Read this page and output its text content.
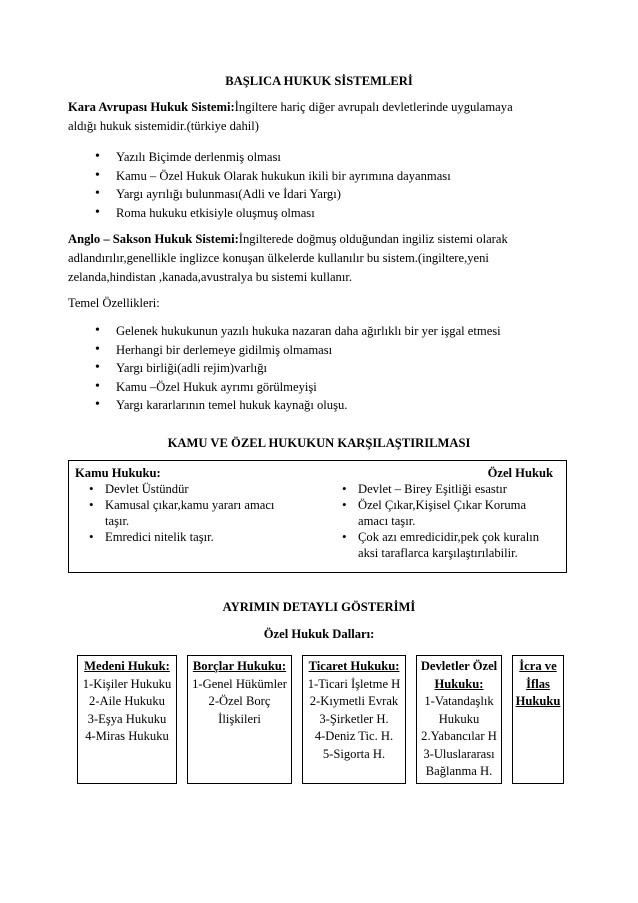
BAŞLICA HUKUK SİSTEMLERİ
Kara Avrupası Hukuk Sistemi:İngiltere hariç diğer avrupalı devletlerinde uygulamaya
aldığı hukuk sistemidir.(türkiye dahil)
• Yazılı Biçimde derlenmiş olması
• Kamu – Özel Hukuk Olarak hukukun ikili bir ayrımına dayanması
• Yargı ayrılığı bulunması(Adli ve İdari Yargı)
• Roma hukuku etkisiyle oluşmuş olması
Anglo – Sakson Hukuk Sistemi:İngilterede doğmuş olduğundan ingiliz sistemi olarak
adlandırılır,genellikle inglizce konuşan ülkelerde kullanılır bu sistem.(ingiltere,yeni
zelanda,hindistan ,kanada,avustralya bu sistemi kullanır.
Temel Özellikleri:
• Gelenek hukukunun yazılı hukuka nazaran daha ağırlıklı bir yer işgal etmesi
• Herhangi bir derlemeye gidilmiş olmaması
• Yargı birliği(adli rejim)varlığı
• Kamu –Özel Hukuk ayrımı görülmeyişi
• Yargı kararlarının temel hukuk kaynağı oluşu.
KAMU VE ÖZEL HUKUKUN KARŞILAŞTIRILMASI
Kamu Hukuku:
• Devlet Üstündür
• Kamusal çıkar,kamu yararı amacı
taşır.
• Emredici nitelik taşır.
Özel Hukuk
• Devlet – Birey Eşitliği esastır
• Özel Çıkar,Kişisel Çıkar Koruma
amacı taşır.
• Çok azı emredicidir,pek çok kuralın
aksi taraflarca karşılaştırılabilir.
AYRIMIN DETAYLI GÖSTERİMİ
Özel Hukuk Dalları:
Medeni Hukuk:
1-Kişiler Hukuku
2-Aile Hukuku
3-Eşya Hukuku
4-Miras Hukuku

Borçlar Hukuku:
1-Genel Hükümler
2-Özel Borç
İlişkileri

Ticaret Hukuku:
1-Ticari İşletme H
2-Kıymetli Evrak
3-Şirketler H.
4-Deniz Tic. H.
5-Sigorta H.

Devletler Özel
Hukuku:
1-Vatandaşlık
Hukuku
2.Yabancılar H
3-Uluslararası
Bağlanma H.

İcra ve
İflas
Hukuku
